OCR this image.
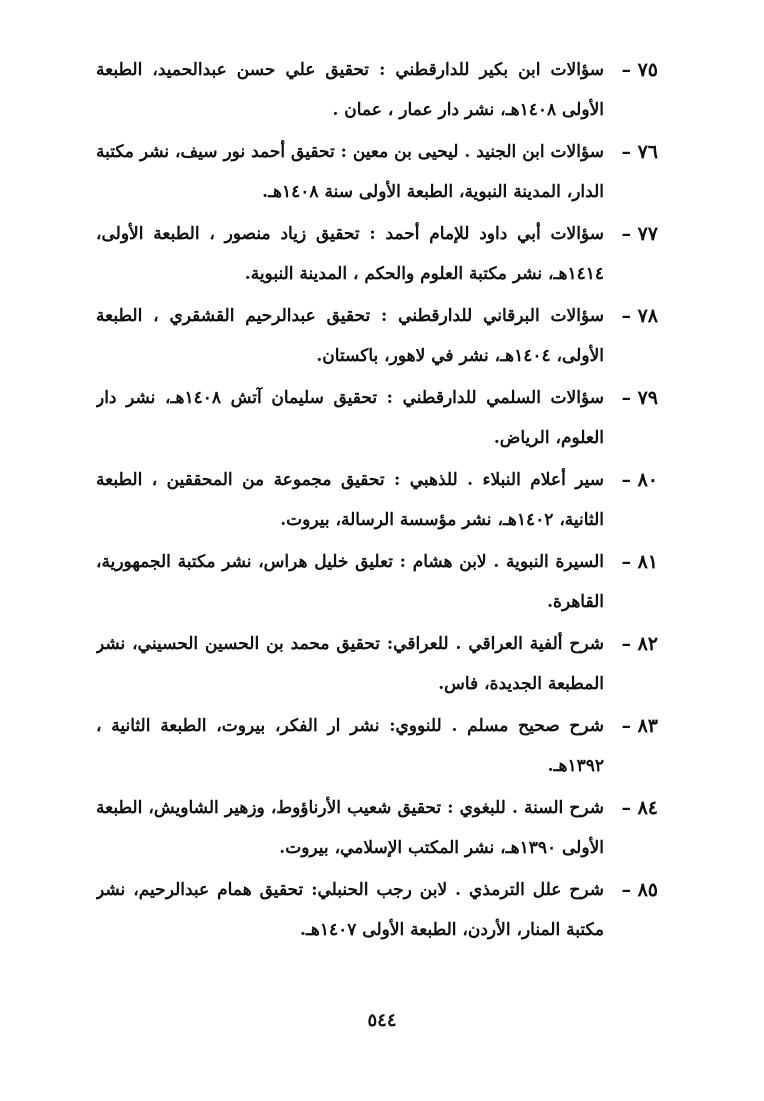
٧٥ –
سؤالات ابن بكير للدارقطني : تحقيق علي حسن عبدالحميد، الطبعة الأولى ١٤٠٨هـ، نشر دار عمار ، عمان .
٧٦ –
سؤالات ابن الجنيد . ليحيى بن معين : تحقيق أحمد نور سيف، نشر مكتبة الدار، المدينة النبوية، الطبعة الأولى سنة ١٤٠٨هـ.
٧٧ –
سؤالات أبي داود للإمام أحمد : تحقيق زياد منصور ، الطبعة الأولى، ١٤١٤هـ، نشر مكتبة العلوم والحكم ، المدينة النبوية.
٧٨ –
سؤالات البرقاني للدارقطني : تحقيق عبدالرحيم القشقري ، الطبعة الأولى، ١٤٠٤هـ، نشر في لاهور، باكستان.
٧٩ –
سؤالات السلمي للدارقطني : تحقيق سليمان آتش ١٤٠٨هـ، نشر دار العلوم، الرياض.
٨٠ –
سير أعلام النبلاء . للذهبي : تحقيق مجموعة من المحققين ، الطبعة الثانية، ١٤٠٢هـ، نشر مؤسسة الرسالة، بيروت.
٨١ –
السيرة النبوية . لابن هشام : تعليق خليل هراس، نشر مكتبة الجمهورية، القاهرة.
٨٢ –
شرح ألفية العراقي . للعراقي: تحقيق محمد بن الحسين الحسيني، نشر المطبعة الجديدة، فاس.
٨٣ –
شرح صحيح مسلم . للنووي: نشر ار الفكر، بيروت، الطبعة الثانية ، ١٣٩٢هـ.
٨٤ –
شرح السنة . للبغوي : تحقيق شعيب الأرناؤوط، وزهير الشاويش، الطبعة الأولى ١٣٩٠هـ، نشر المكتب الإسلامي، بيروت.
٨٥ –
شرح علل الترمذي . لابن رجب الحنبلي: تحقيق همام عبدالرحيم، نشر مكتبة المنار، الأردن، الطبعة الأولى ١٤٠٧هـ.
٥٤٤
